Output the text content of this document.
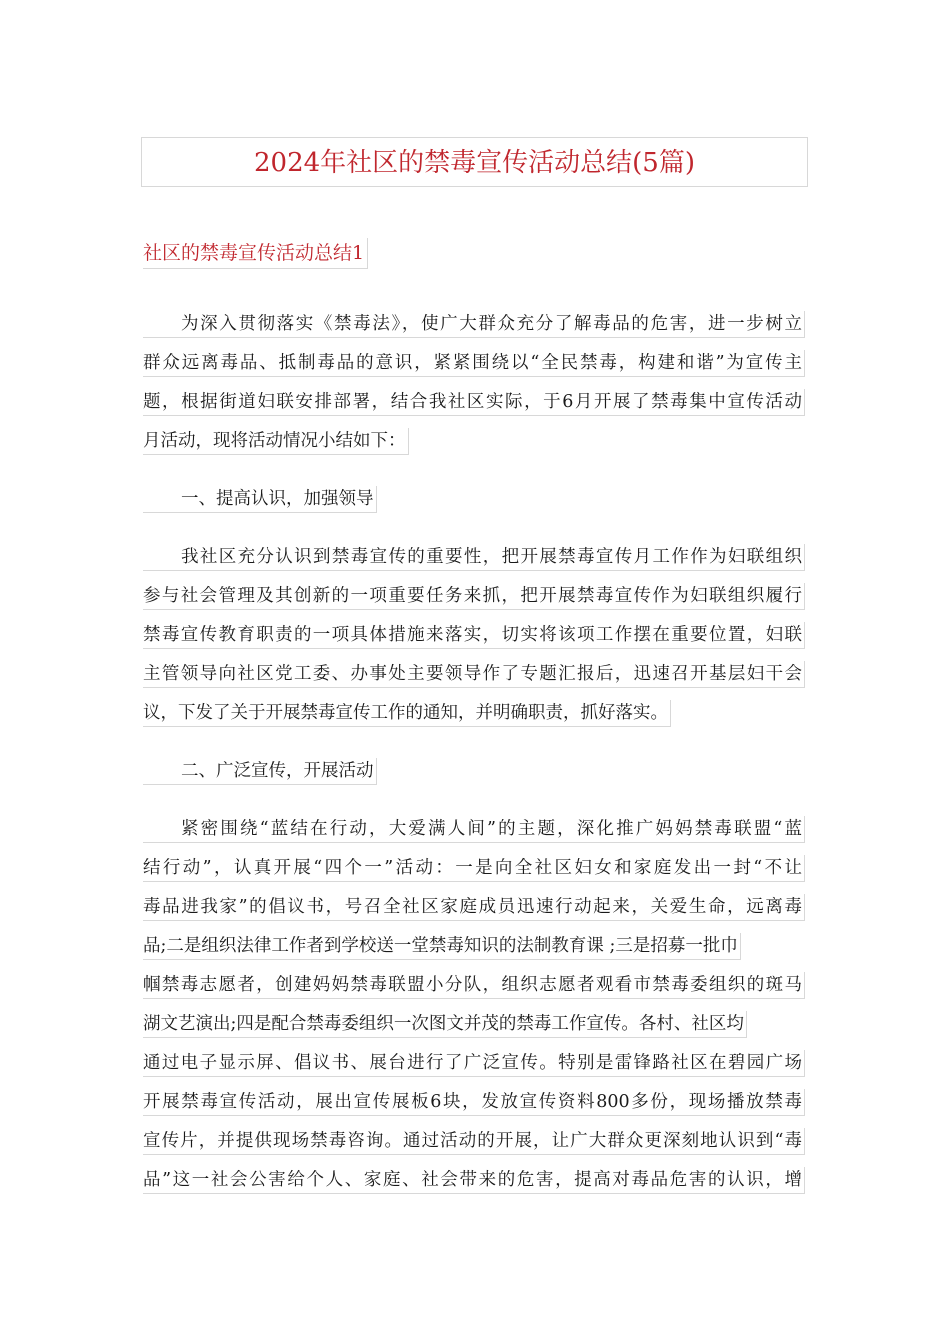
2024年社区的禁毒宣传活动总结(5篇)
社区的禁毒宣传活动总结1
为深入贯彻落实《禁毒法》，使广大群众充分了解毒品的危害，进一步树立
群众远离毒品、抵制毒品的意识，紧紧围绕以“全民禁毒，构建和谐”为宣传主
题，根据街道妇联安排部署，结合我社区实际，于6月开展了禁毒集中宣传活动
月活动，现将活动情况小结如下：
一、提高认识，加强领导
我社区充分认识到禁毒宣传的重要性，把开展禁毒宣传月工作作为妇联组织
参与社会管理及其创新的一项重要任务来抓，把开展禁毒宣传作为妇联组织履行
禁毒宣传教育职责的一项具体措施来落实，切实将该项工作摆在重要位置，妇联
主管领导向社区党工委、办事处主要领导作了专题汇报后，迅速召开基层妇干会
议，下发了关于开展禁毒宣传工作的通知，并明确职责，抓好落实。
二、广泛宣传，开展活动
紧密围绕“蓝结在行动，大爱满人间”的主题，深化推广妈妈禁毒联盟“蓝
结行动”，认真开展“四个一”活动：一是向全社区妇女和家庭发出一封“不让
毒品进我家”的倡议书，号召全社区家庭成员迅速行动起来，关爱生命，远离毒
品;二是组织法律工作者到学校送一堂禁毒知识的法制教育课 ;三是招募一批巾
帼禁毒志愿者，创建妈妈禁毒联盟小分队，组织志愿者观看市禁毒委组织的斑马
湖文艺演出;四是配合禁毒委组织一次图文并茂的禁毒工作宣传。各村、社区均
通过电子显示屏、倡议书、展台进行了广泛宣传。特别是雷锋路社区在碧园广场
开展禁毒宣传活动，展出宣传展板6块，发放宣传资料800多份，现场播放禁毒
宣传片，并提供现场禁毒咨询。通过活动的开展，让广大群众更深刻地认识到“毒
品”这一社会公害给个人、家庭、社会带来的危害，提高对毒品危害的认识，增
